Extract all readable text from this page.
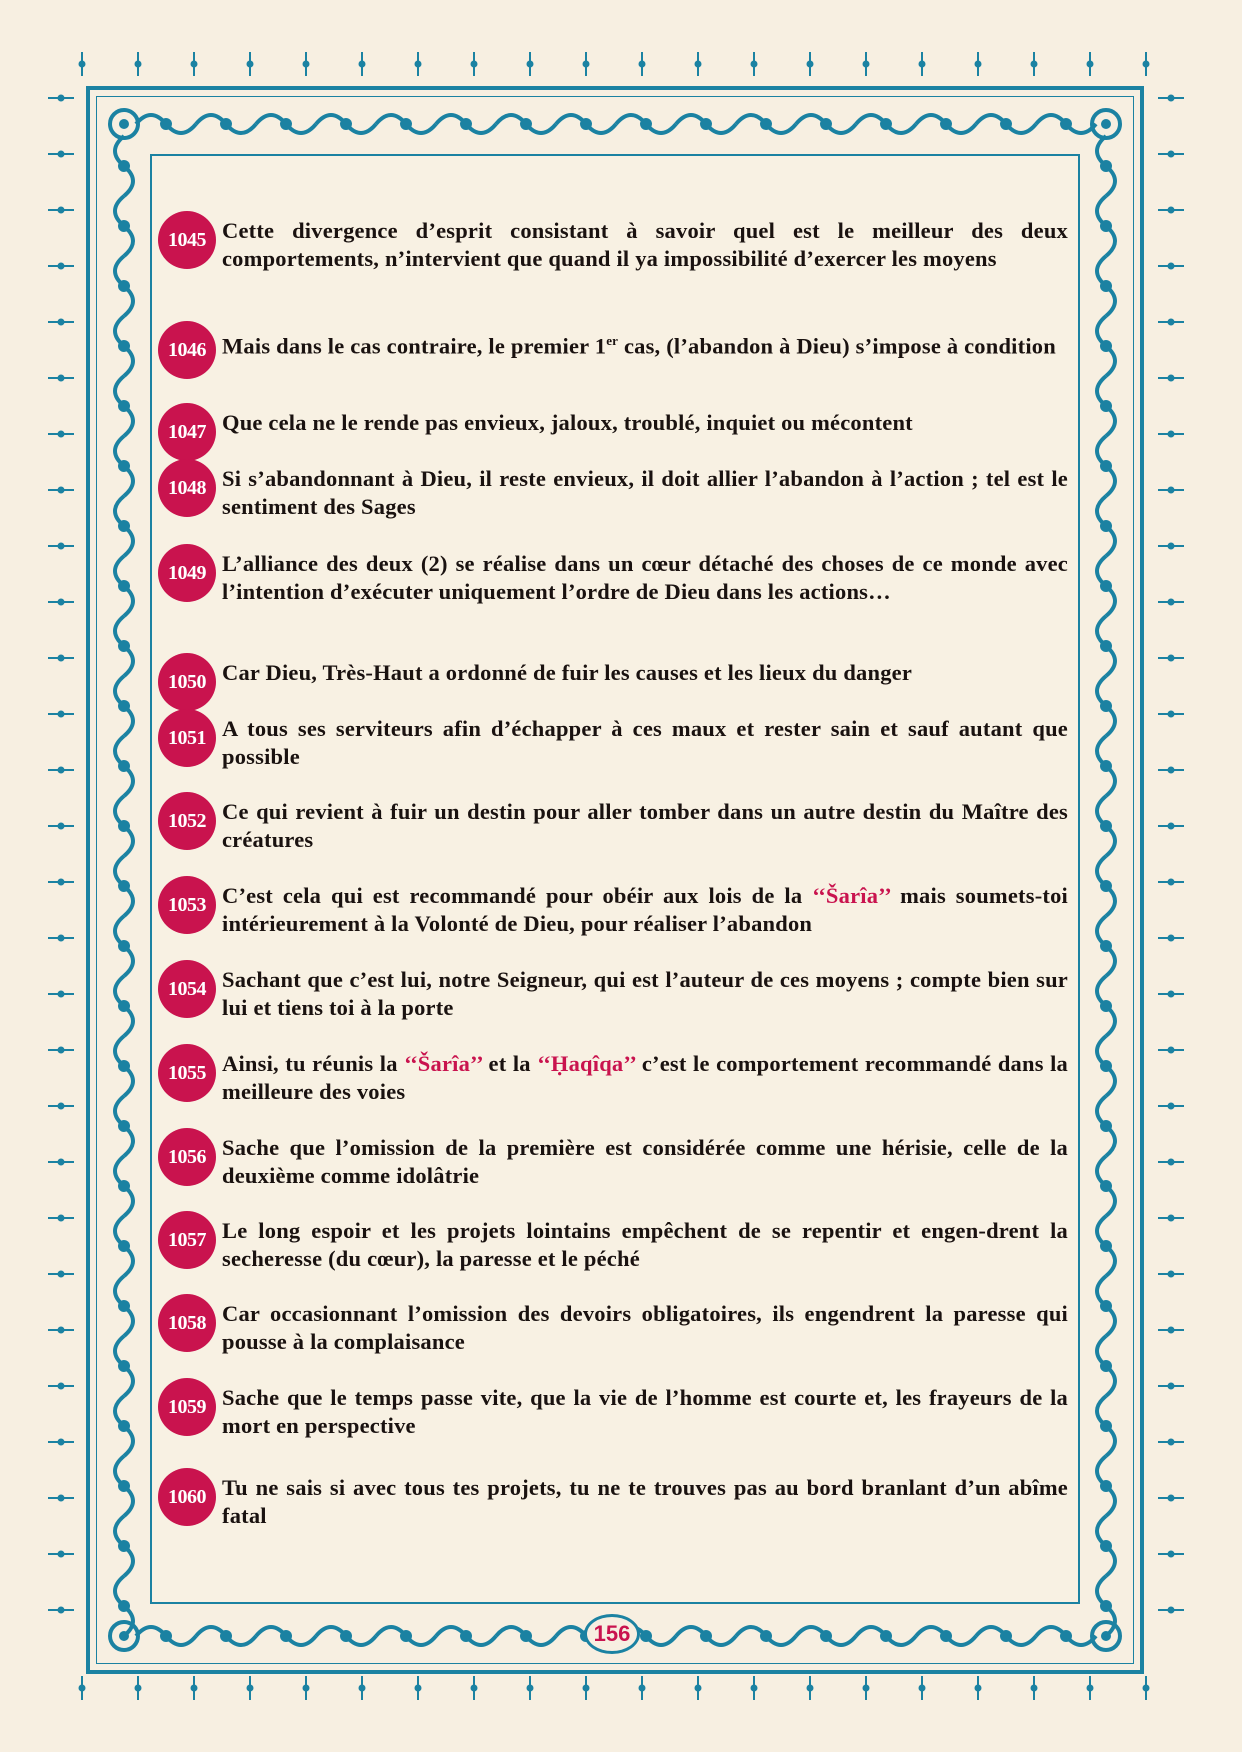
1045 Cette divergence d’esprit consistant à savoir quel est le meilleur des deux comportements, n’intervient que quand il ya impossibilité d’exercer les moyens
1046 Mais dans le cas contraire, le premier 1er cas, (l’abandon à Dieu) s’impose à condition
1047 Que cela ne le rende pas envieux, jaloux, troublé, inquiet ou mécontent
1048 Si s’abandonnant à Dieu, il reste envieux, il doit allier l’abandon à l’action ; tel est le sentiment des Sages
1049 L’alliance des deux (2) se réalise dans un cœur détaché des choses de ce monde avec l’intention d’exécuter uniquement l’ordre de Dieu dans les actions…
1050 Car Dieu, Très-Haut a ordonné de fuir les causes et les lieux du danger
1051 A tous ses serviteurs afin d’échapper à ces maux et rester sain et sauf autant que possible
1052 Ce qui revient à fuir un destin pour aller tomber dans un autre destin du Maître des créatures
1053 C’est cela qui est recommandé pour obéir aux lois de la ‘‘Šarîa’’ mais soumets-toi intérieurement à la Volonté de Dieu, pour réaliser l’abandon
1054 Sachant que c’est lui, notre Seigneur, qui est l’auteur de ces moyens ; compte bien sur lui et tiens toi à la porte
1055 Ainsi, tu réunis la ‘‘Šarîa’’ et la ‘‘Ḥaqîqa’’ c’est le comportement recommandé dans la meilleure des voies
1056 Sache que l’omission de la première est considérée comme une hérisie, celle de la deuxième comme idolâtrie
1057 Le long espoir et les projets lointains empêchent de se repentir et engen-drent la secheresse (du cœur), la paresse et le péché
1058 Car occasionnant l’omission des devoirs obligatoires, ils engendrent la paresse qui pousse à la complaisance
1059 Sache que le temps passe vite, que la vie de l’homme est courte et, les frayeurs de la mort en perspective
1060 Tu ne sais si avec tous tes projets, tu ne te trouves pas au bord branlant d’un abîme fatal
156
